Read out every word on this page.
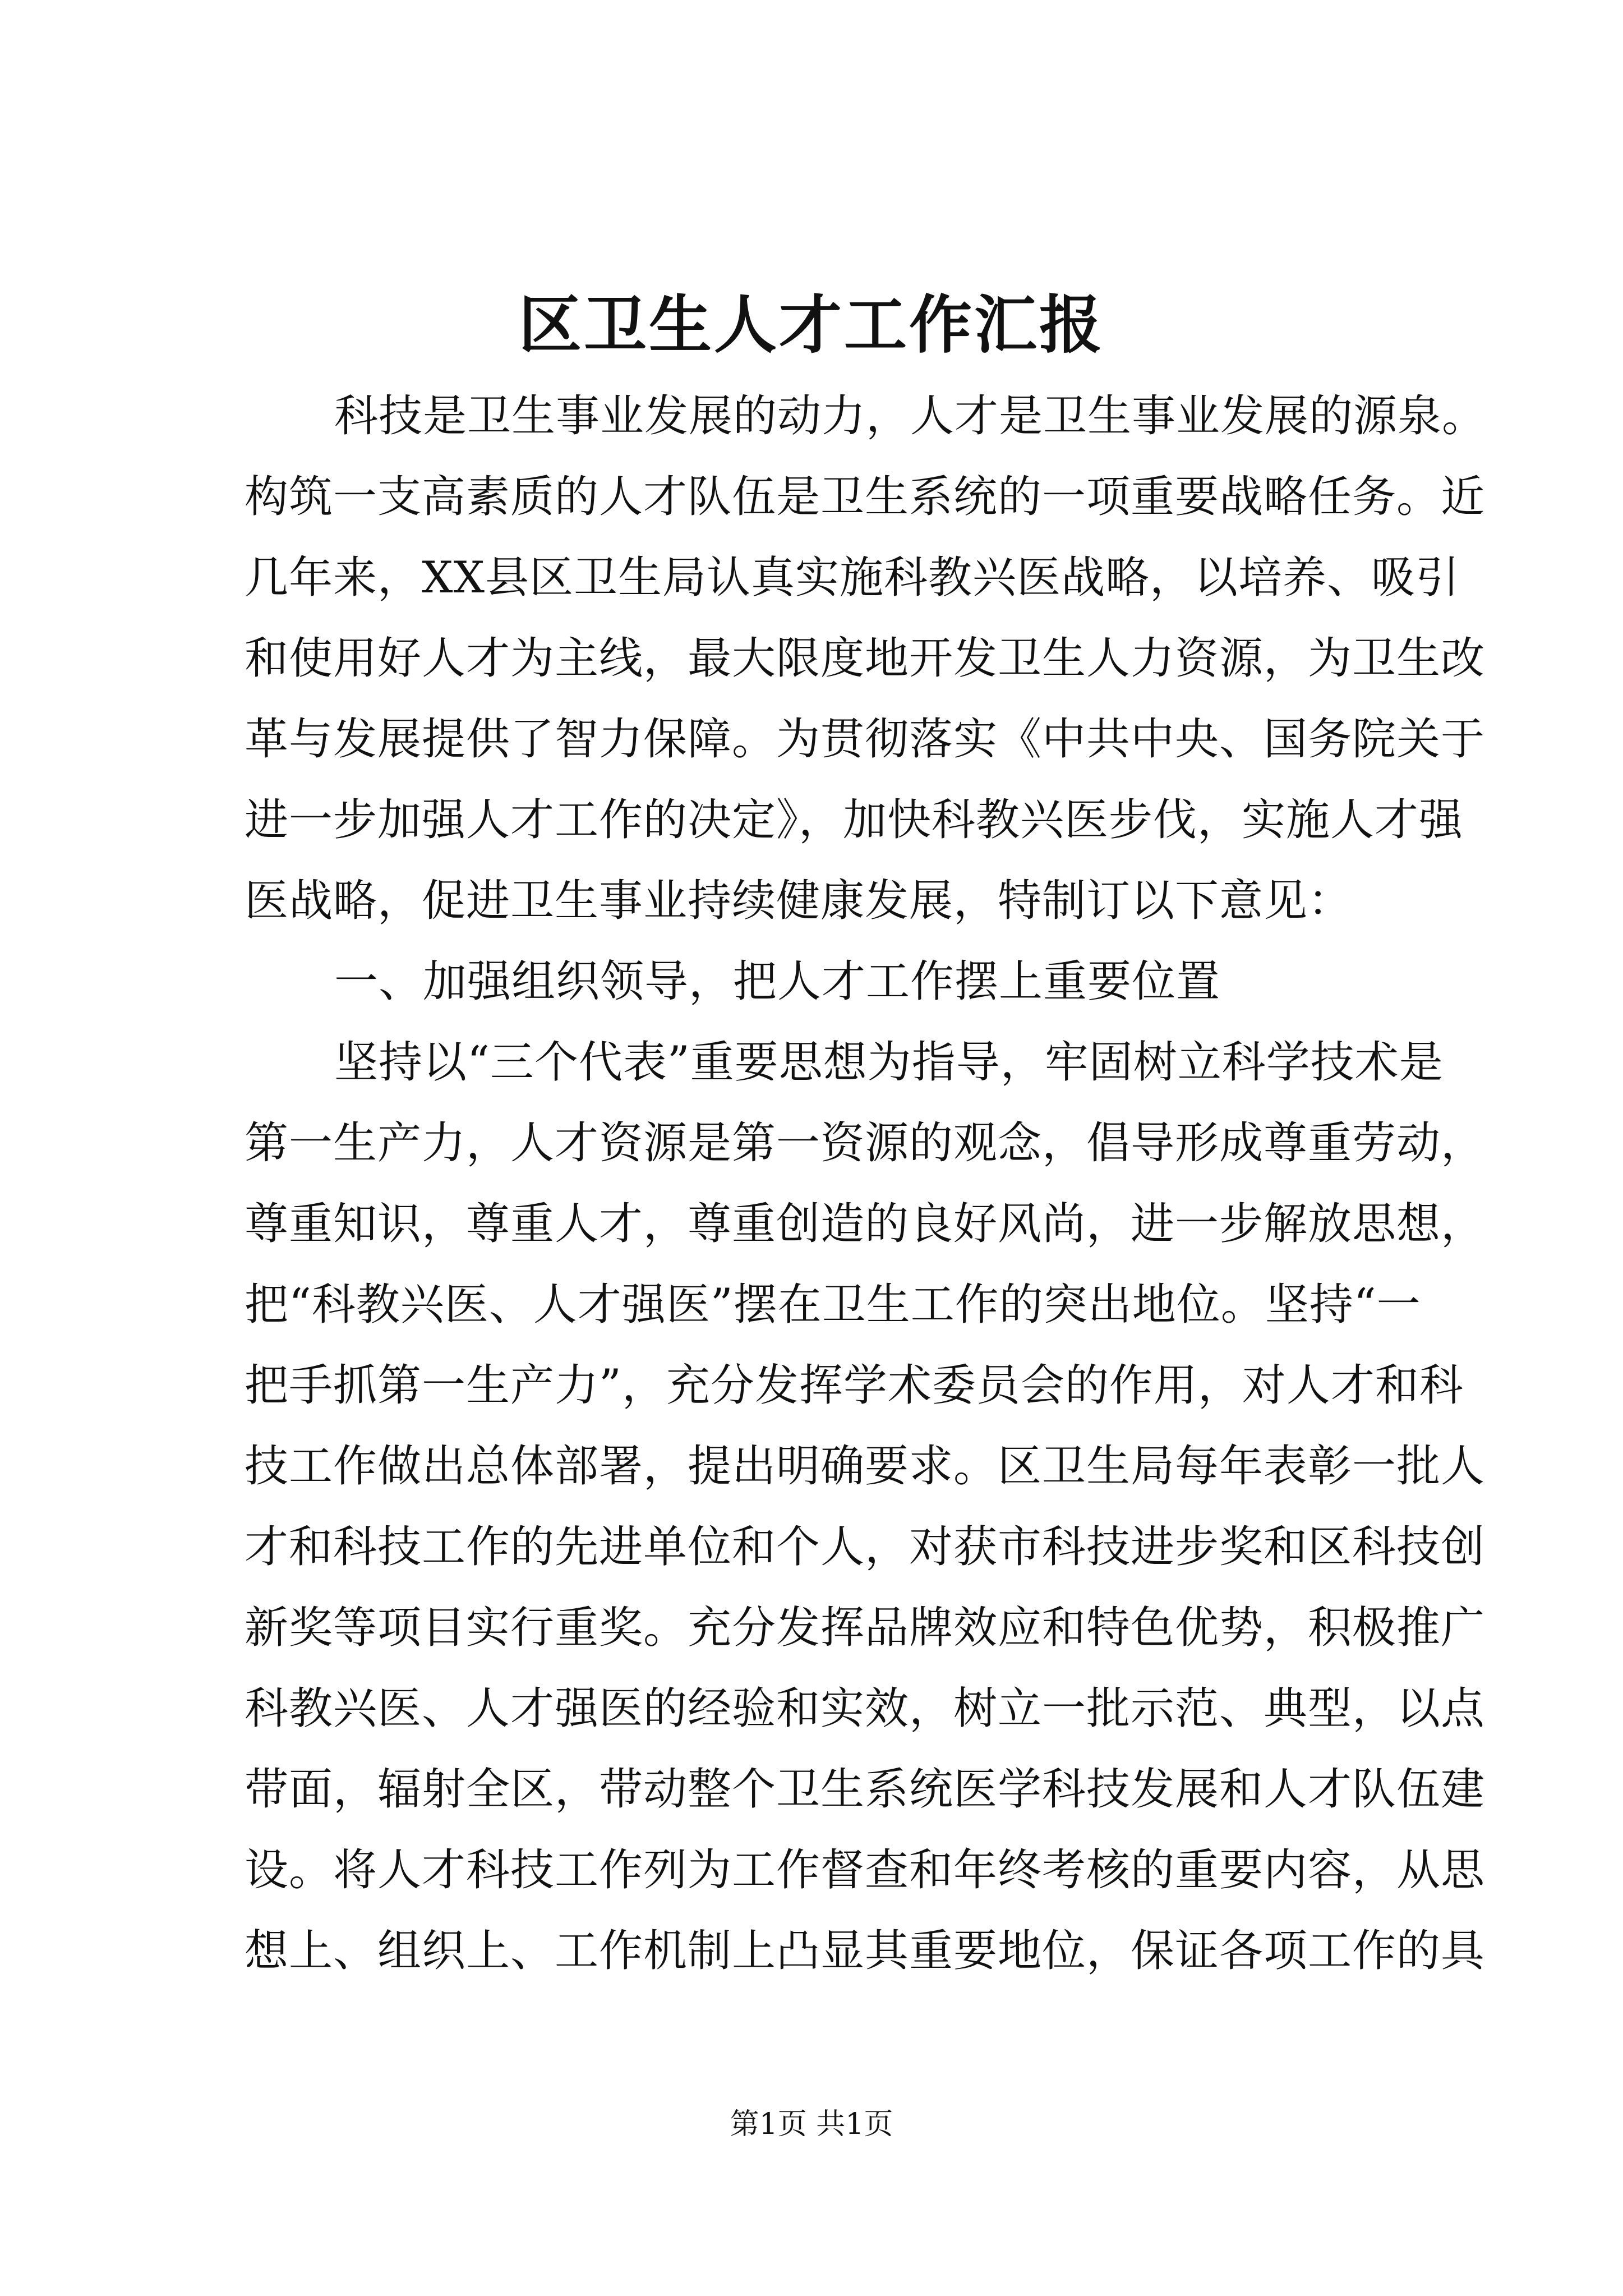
区卫生人才工作汇报
科技是卫生事业发展的动力，人才是卫生事业发展的源泉。
构筑一支高素质的人才队伍是卫生系统的一项重要战略任务。近
几年来，XX县区卫生局认真实施科教兴医战略，以培养、吸引
和使用好人才为主线，最大限度地开发卫生人力资源，为卫生改
革与发展提供了智力保障。为贯彻落实《中共中央、国务院关于
进一步加强人才工作的决定》，加快科教兴医步伐，实施人才强
医战略，促进卫生事业持续健康发展，特制订以下意见：
一、加强组织领导，把人才工作摆上重要位置
坚持以“三个代表”重要思想为指导，牢固树立科学技术是
第一生产力，人才资源是第一资源的观念，倡导形成尊重劳动，
尊重知识，尊重人才，尊重创造的良好风尚，进一步解放思想，
把“科教兴医、人才强医”摆在卫生工作的突出地位。坚持“一
把手抓第一生产力”，充分发挥学术委员会的作用，对人才和科
技工作做出总体部署，提出明确要求。区卫生局每年表彰一批人
才和科技工作的先进单位和个人，对获市科技进步奖和区科技创
新奖等项目实行重奖。充分发挥品牌效应和特色优势，积极推广
科教兴医、人才强医的经验和实效，树立一批示范、典型，以点
带面，辐射全区，带动整个卫生系统医学科技发展和人才队伍建
设。将人才科技工作列为工作督查和年终考核的重要内容，从思
想上、组织上、工作机制上凸显其重要地位，保证各项工作的具
第1页 共1页
